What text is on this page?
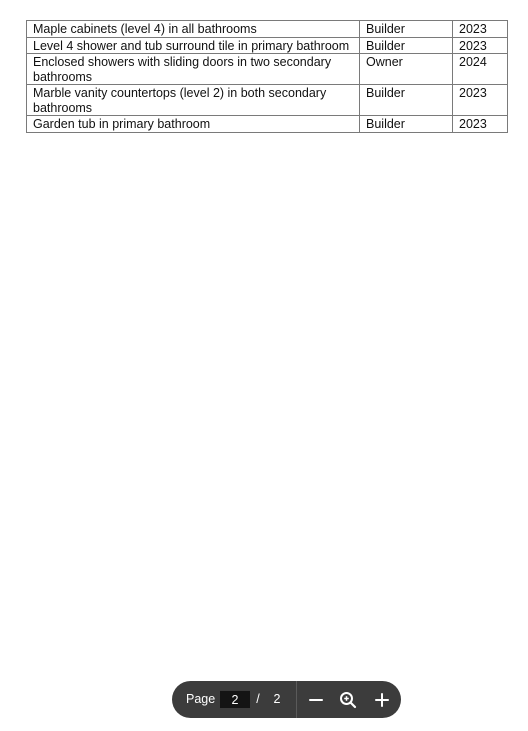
Maple cabinets (level 4) in all bathrooms	Builder	2023
Level 4 shower and tub surround tile in primary bathroom	Builder	2023
Enclosed showers with sliding doors in two secondary bathrooms	Owner	2024
Marble vanity countertops (level 2) in both secondary bathrooms	Builder	2023
Garden tub in primary bathroom	Builder	2023
Page
2	/	2
